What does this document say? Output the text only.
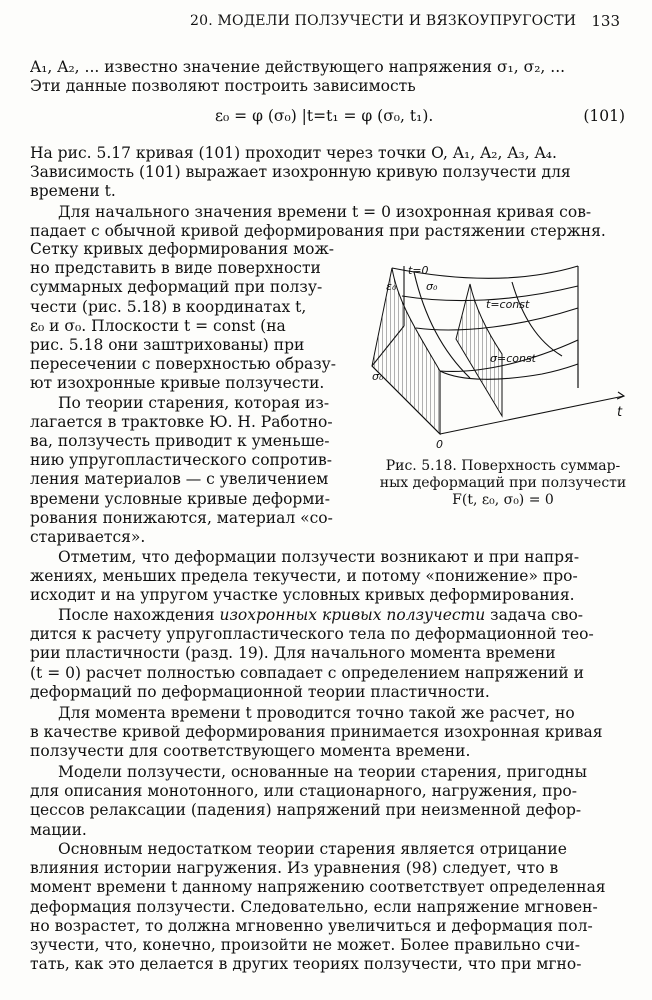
20. МОДЕЛИ ПОЛЗУЧЕСТИ И ВЯЗКОУПРУГОСТИ 133
A₁, A₂, ... известно значение действующего напряжения σ₁, σ₂, ...
Эти данные позволяют построить зависимость
ε₀ = φ (σ₀) |t=t₁ = φ (σ₀, t₁).	(101)
На рис. 5.17 кривая (101) проходит через точки O, A₁, A₂, A₃, A₄.
Зависимость (101) выражает изохронную кривую ползучести для
времени t.
Для начального значения времени t = 0 изохронная кривая сов-
падает с обычной кривой деформирования при растяжении стержня.
Сетку кривых деформирования мож-
но представить в виде поверхности
суммарных деформаций при ползу-
чести (рис. 5.18) в координатах t,
ε₀ и σ₀. Плоскости t = const (на
рис. 5.18 они заштрихованы) при
пересечении с поверхностью образу-
ют изохронные кривые ползучести.
По теории старения, которая из-
лагается в трактовке Ю. Н. Работно-
ва, ползучесть приводит к уменьше-
нию упругопластического сопротив-
ления материалов — с увеличением
времени условные кривые деформи-
рования понижаются, материал «со-
старивается».
ε₀
t=0
σ₀
t=const
σ=const
t
σ₀
0
Рис. 5.18. Поверхность суммар-
ных деформаций при ползучести
F(t, ε₀, σ₀) = 0
Отметим, что деформации ползучести возникают и при напря-
жениях, меньших предела текучести, и потому «понижение» про-
исходит и на упругом участке условных кривых деформирования.
После нахождения изохронных кривых ползучести задача сво-
дится к расчету упругопластического тела по деформационной тео-
рии пластичности (разд. 19). Для начального момента времени
(t = 0) расчет полностью совпадает с определением напряжений и
деформаций по деформационной теории пластичности.
Для момента времени t проводится точно такой же расчет, но
в качестве кривой деформирования принимается изохронная кривая
ползучести для соответствующего момента времени.
Модели ползучести, основанные на теории старения, пригодны
для описания монотонного, или стационарного, нагружения, про-
цессов релаксации (падения) напряжений при неизменной дефор-
мации.
Основным недостатком теории старения является отрицание
влияния истории нагружения. Из уравнения (98) следует, что в
момент времени t данному напряжению соответствует определенная
деформация ползучести. Следовательно, если напряжение мгновен-
но возрастет, то должна мгновенно увеличиться и деформация пол-
зучести, что, конечно, произойти не может. Более правильно счи-
тать, как это делается в других теориях ползучести, что при мгно-
